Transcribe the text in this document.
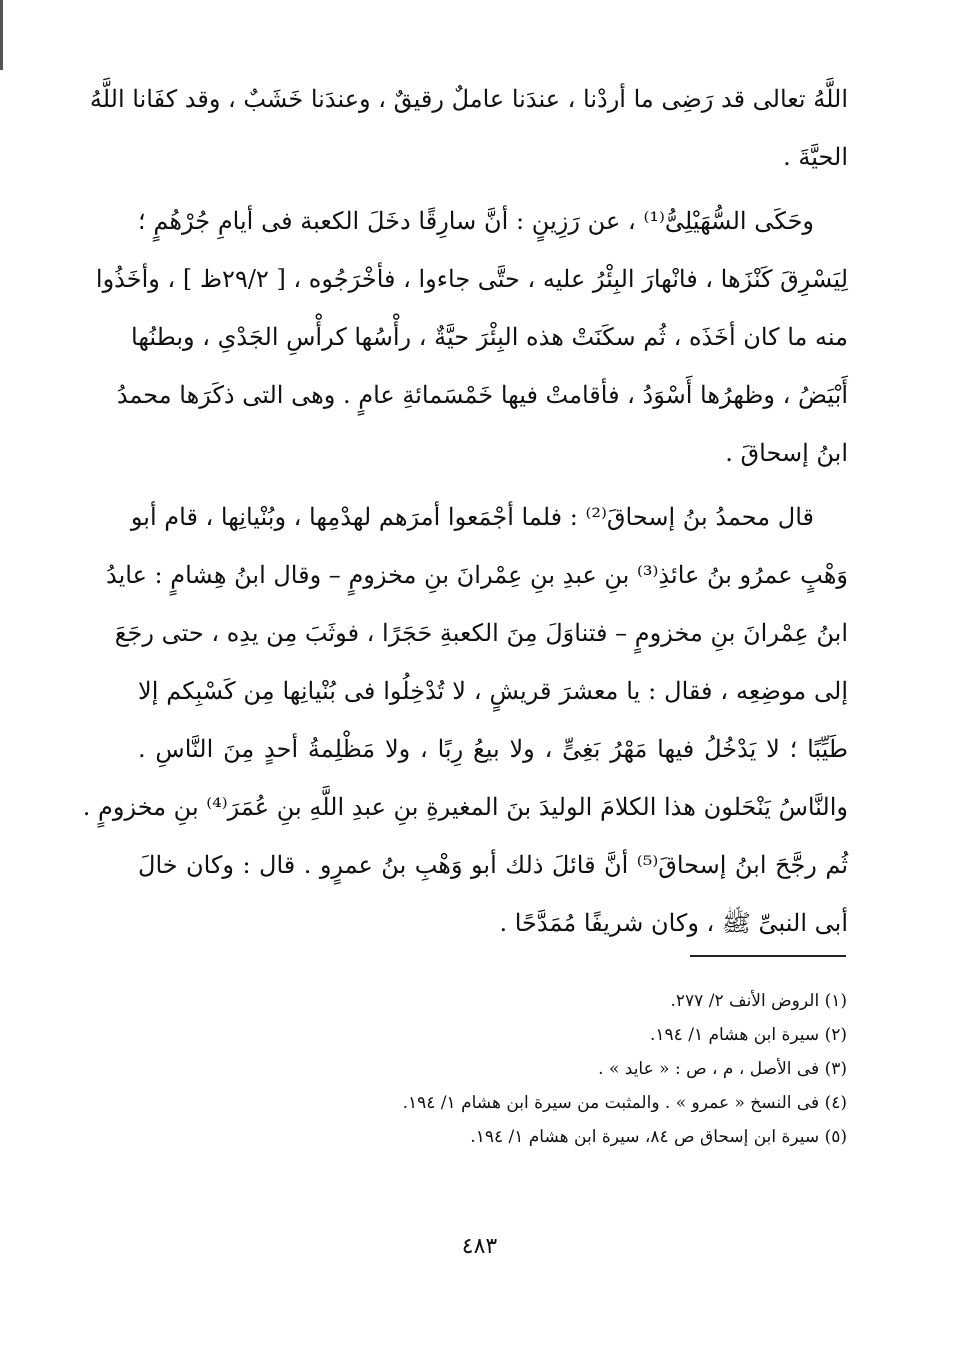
اللَّهُ تعالى قد رَضِى ما أردْنا ، عندَنا عاملٌ رقيقٌ ، وعندَنا خَشَبٌ ، وقد كفَانا اللَّهُ
الحيَّةَ .
وحَكَى السُّهَيْلِىُّ⁽¹⁾ ، عن رَزِينٍ : أنَّ سارِقًا دخَلَ الكعبة فى أيامِ جُرْهُمٍ ؛
لِيَسْرِقَ كَنْزَها ، فانْهارَ البِئْرُ عليه ، حتَّى جاءوا ، فأخْرَجُوه ، [ ٢٩/٢ظ ] ، وأخَذُوا
منه ما كان أخَذَه ، ثُم سكَنَتْ هذه البِئْرَ حيَّةٌ ، رأْسُها كرأْسِ الجَدْىِ ، وبطنُها
أَبْيَضُ ، وظهرُها أَسْوَدُ ، فأقامتْ فيها خَمْسَمائةِ عامٍ . وهى التى ذكَرَها محمدُ
ابنُ إسحاقَ .
قال محمدُ بنُ إسحاقَ⁽²⁾ : فلما أجْمَعوا أمرَهم لهدْمِها ، وبُنْيانِها ، قام أبو
وَهْبٍ عمرُو بنُ عائذِ⁽³⁾ بنِ عبدِ بنِ عِمْرانَ بنِ مخزومٍ – وقال ابنُ هِشامٍ : عايدُ
ابنُ عِمْرانَ بنِ مخزومٍ – فتناوَلَ مِنَ الكعبةِ حَجَرًا ، فوثَبَ مِن يدِه ، حتى رجَعَ
إلى موضِعِه ، فقال : يا معشرَ قريشٍ ، لا تُدْخِلُوا فى بُنْيانِها مِن كَسْبِكم إلا
طَيِّبًا ؛ لا يَدْخُلُ فيها مَهْرُ بَغِىٍّ ، ولا بيعُ رِبًا ، ولا مَظْلِمةُ أحدٍ مِنَ النَّاسِ .
والنَّاسُ يَنْحَلون هذا الكلامَ الوليدَ بنَ المغيرةِ بنِ عبدِ اللَّهِ بنِ عُمَرَ⁽⁴⁾ بنِ مخزومٍ .
ثُم رجَّحَ ابنُ إسحاقَ⁽⁵⁾ أنَّ قائلَ ذلك أبو وَهْبِ بنُ عمرٍو . قال : وكان خالَ
أبى النبىِّ ﷺ ، وكان شريفًا مُمَدَّحًا .
(١) الروض الأنف ٢/ ٢٧٧.
(٢) سيرة ابن هشام ١/ ١٩٤.
(٣) فى الأصل ، م ، ص : « عايد » .
(٤) فى النسخ « عمرو » . والمثبت من سيرة ابن هشام ١/ ١٩٤.
(٥) سيرة ابن إسحاق ص ٨٤، سيرة ابن هشام ١/ ١٩٤.
٤٨٣
